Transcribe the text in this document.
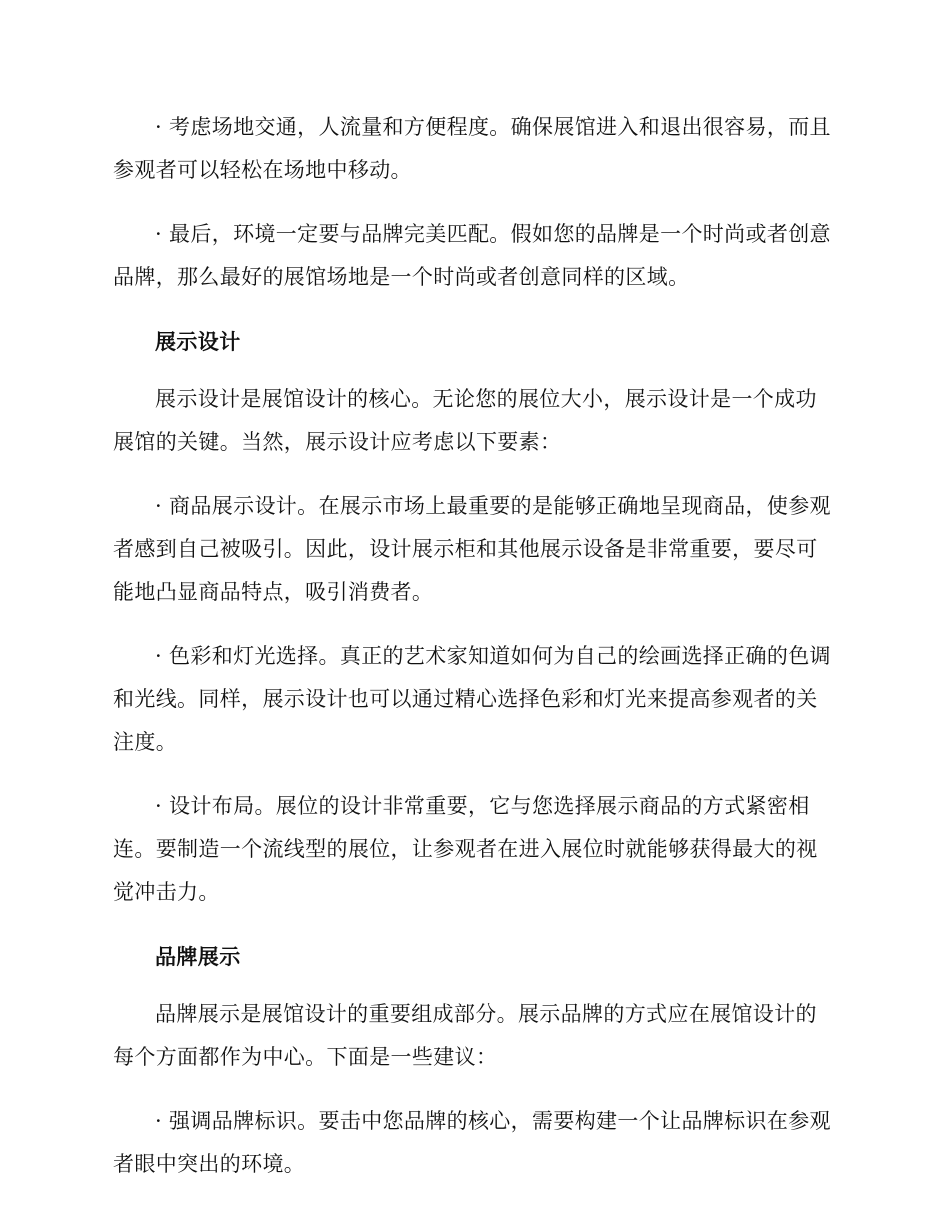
· 考虑场地交通，人流量和方便程度。确保展馆进入和退出很容易，而且参观者可以轻松在场地中移动。

· 最后，环境一定要与品牌完美匹配。假如您的品牌是一个时尚或者创意品牌，那么最好的展馆场地是一个时尚或者创意同样的区域。

展示设计

展示设计是展馆设计的核心。无论您的展位大小，展示设计是一个成功展馆的关键。当然，展示设计应考虑以下要素：

· 商品展示设计。在展示市场上最重要的是能够正确地呈现商品，使参观者感到自己被吸引。因此，设计展示柜和其他展示设备是非常重要，要尽可能地凸显商品特点，吸引消费者。

· 色彩和灯光选择。真正的艺术家知道如何为自己的绘画选择正确的色调和光线。同样，展示设计也可以通过精心选择色彩和灯光来提高参观者的关注度。

· 设计布局。展位的设计非常重要，它与您选择展示商品的方式紧密相连。要制造一个流线型的展位，让参观者在进入展位时就能够获得最大的视觉冲击力。

品牌展示

品牌展示是展馆设计的重要组成部分。展示品牌的方式应在展馆设计的每个方面都作为中心。下面是一些建议：

· 强调品牌标识。要击中您品牌的核心，需要构建一个让品牌标识在参观者眼中突出的环境。
